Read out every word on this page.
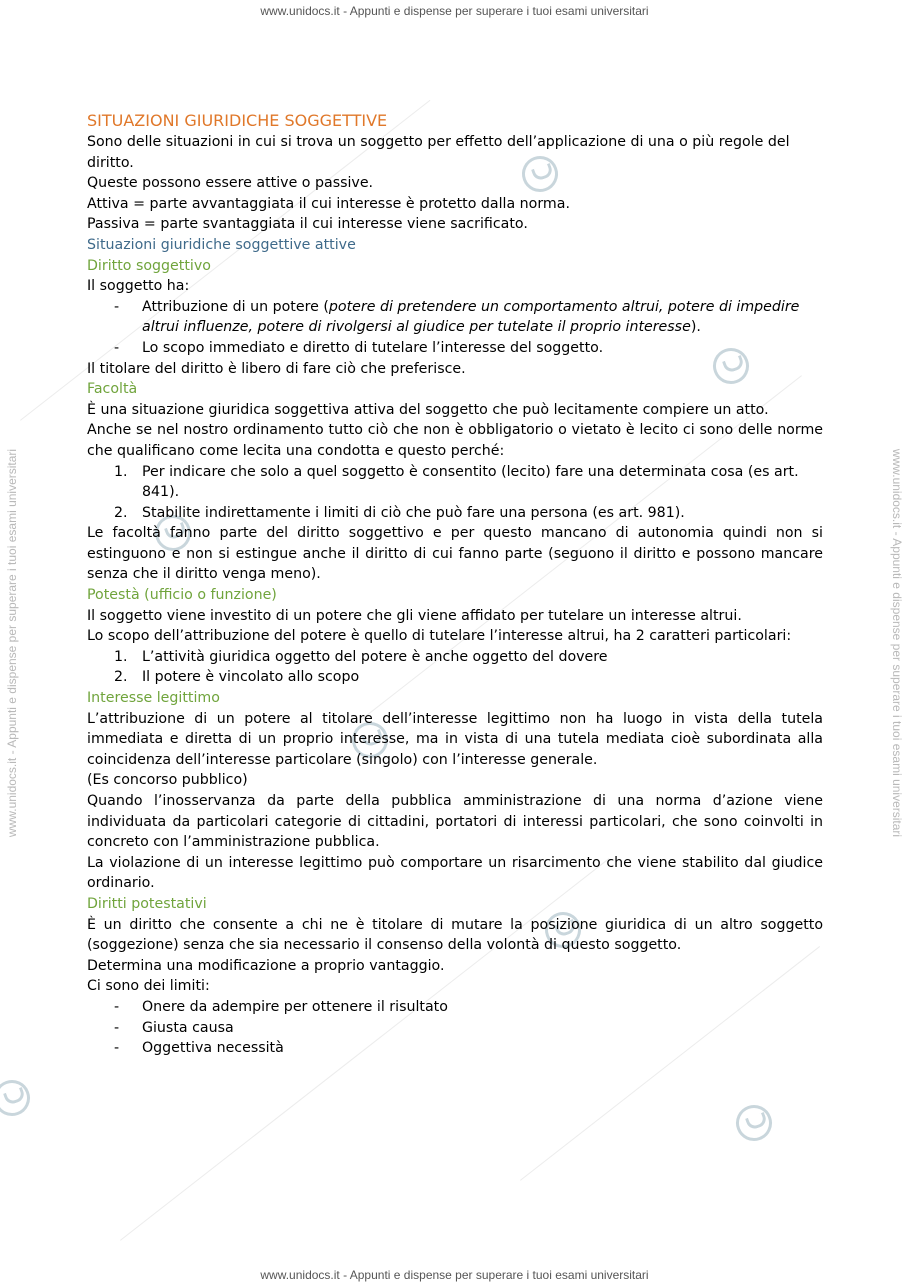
www.unidocs.it - Appunti e dispense per superare i tuoi esami universitari
www.unidocs.it - Appunti e dispense per superare i tuoi esami universitari
www.unidocs.it - Appunti e dispense per superare i tuoi esami universitari	www.unidocs.it - Appunti e dispense per superare i tuoi esami universitari
SITUAZIONI GIURIDICHE SOGGETTIVE

Sono delle situazioni in cui si trova un soggetto per effetto dell’applicazione di una o più regole del diritto.

Queste possono essere attive o passive.

Attiva = parte avvantaggiata il cui interesse è protetto dalla norma.

Passiva = parte svantaggiata il cui interesse viene sacrificato.

Situazioni giuridiche soggettive attive

Diritto soggettivo

Il soggetto ha:

- Attribuzione di un potere (potere di pretendere un comportamento altrui, potere di impedire altrui influenze, potere di rivolgersi al giudice per tutelate il proprio interesse).
- Lo scopo immediato e diretto di tutelare l’interesse del soggetto.

Il titolare del diritto è libero di fare ciò che preferisce.

Facoltà

È una situazione giuridica soggettiva attiva del soggetto che può lecitamente compiere un atto.

Anche se nel nostro ordinamento tutto ciò che non è obbligatorio o vietato è lecito ci sono delle norme che qualificano come lecita una condotta e questo perché:

1. Per indicare che solo a quel soggetto è consentito (lecito) fare una determinata cosa (es art. 841).
2. Stabilite indirettamente i limiti di ciò che può fare una persona (es art. 981).

Le facoltà fanno parte del diritto soggettivo e per questo mancano di autonomia quindi non si estinguono e non si estingue anche il diritto di cui fanno parte (seguono il diritto e possono mancare senza che il diritto venga meno).

Potestà (ufficio o funzione)

Il soggetto viene investito di un potere che gli viene affidato per tutelare un interesse altrui.

Lo scopo dell’attribuzione del potere è quello di tutelare l’interesse altrui, ha 2 caratteri particolari:

1. L’attività giuridica oggetto del potere è anche oggetto del dovere
2. Il potere è vincolato allo scopo

Interesse legittimo

L’attribuzione di un potere al titolare dell’interesse legittimo non ha luogo in vista della tutela immediata e diretta di un proprio interesse, ma in vista di una tutela mediata cioè subordinata alla coincidenza dell’interesse particolare (singolo) con l’interesse generale.

(Es concorso pubblico)

Quando l’inosservanza da parte della pubblica amministrazione di una norma d’azione viene individuata da particolari categorie di cittadini, portatori di interessi particolari, che sono coinvolti in concreto con l’amministrazione pubblica.

La violazione di un interesse legittimo può comportare un risarcimento che viene stabilito dal giudice ordinario.

Diritti potestativi

È un diritto che consente a chi ne è titolare di mutare la posizione giuridica di un altro soggetto (soggezione) senza che sia necessario il consenso della volontà di questo soggetto.

Determina una modificazione a proprio vantaggio.

Ci sono dei limiti:

- Onere da adempire per ottenere il risultato
- Giusta causa
- Oggettiva necessità
